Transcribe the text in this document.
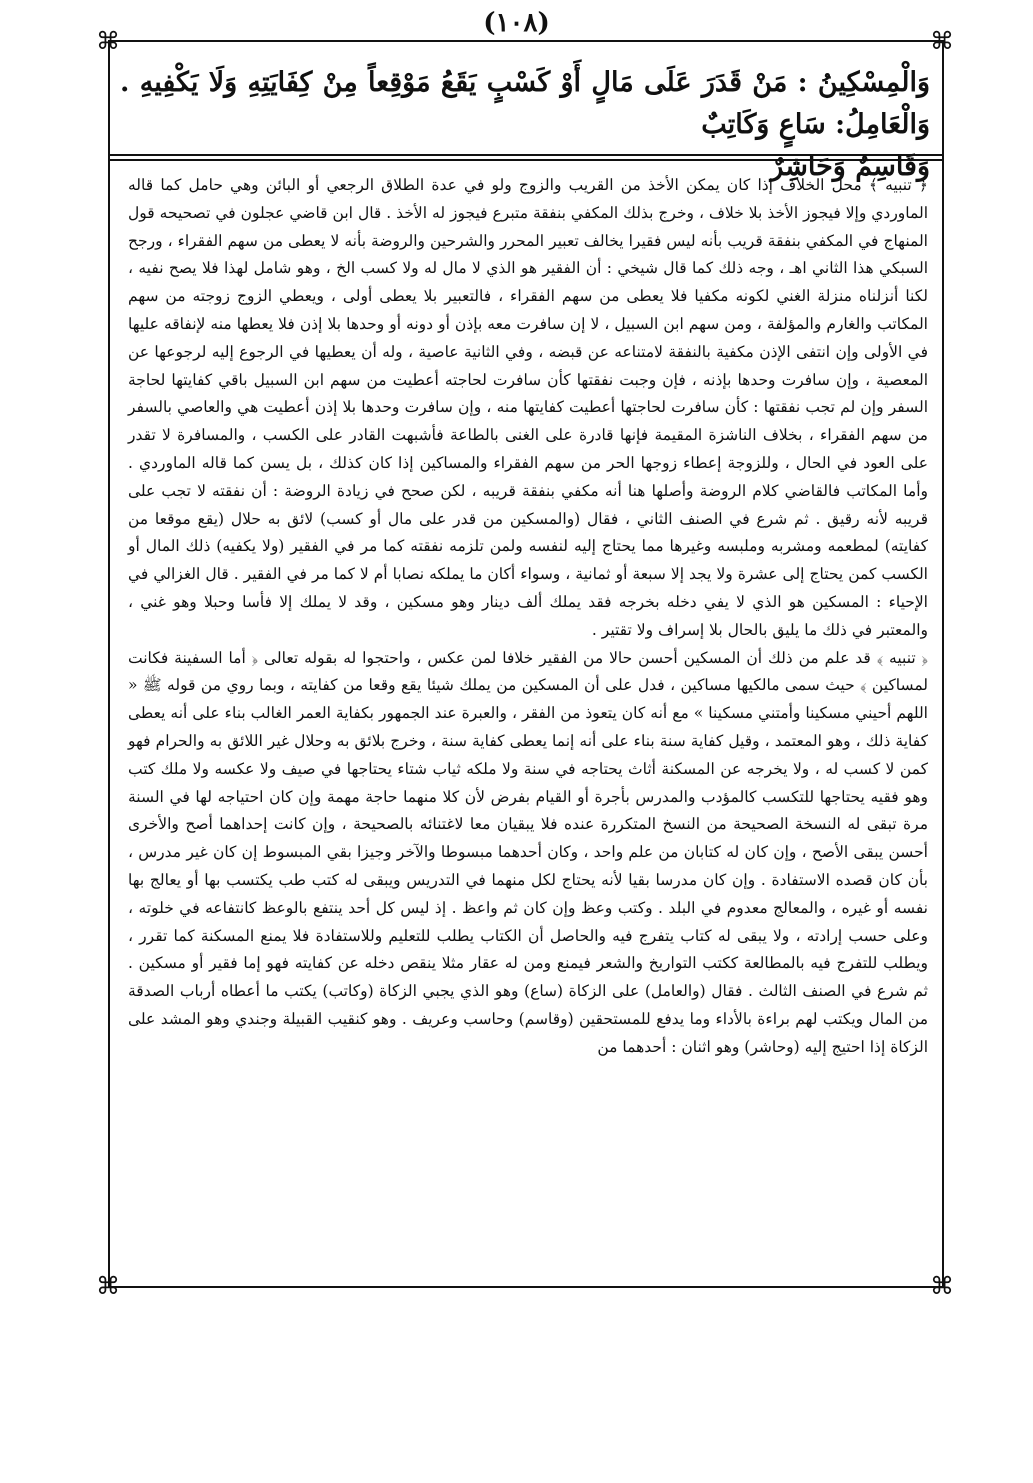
(١٠٨)
⌘	⌘
⌘	⌘
وَالْمِسْكِينُ : مَنْ قَدَرَ عَلَى مَالٍ أَوْ كَسْبٍ يَقَعُ مَوْقِعاً مِنْ كِفَايَتِهِ وَلَا يَكْفِيهِ . وَالْعَامِلُ: سَاعٍ وَكَاتِبٌ
وَقَاسِمٌ وَحَاشِرٌ

﴿ تنبيه ﴾ محل الخلاف إذا كان يمكن الأخذ من القريب والزوج ولو في عدة الطلاق الرجعي أو البائن وهي حامل كما قاله الماوردي وإلا فيجوز الأخذ بلا خلاف ، وخرج بذلك المكفي بنفقة متبرع فيجوز له الأخذ . قال ابن قاضي عجلون في تصحيحه قول المنهاج في المكفي بنفقة قريب بأنه ليس فقيرا يخالف تعبير المحرر والشرحين والروضة بأنه لا يعطى من سهم الفقراء ، ورجح السبكي هذا الثاني اهـ ، وجه ذلك كما قال شيخي : أن الفقير هو الذي لا مال له ولا كسب الخ ، وهو شامل لهذا فلا يصح نفيه ، لكنا أنزلناه منزلة الغني لكونه مكفيا فلا يعطى من سهم الفقراء ، فالتعبير بلا يعطى أولى ، ويعطي الزوج زوجته من سهم المكاتب والغارم والمؤلفة ، ومن سهم ابن السبيل ، لا إن سافرت معه بإذن أو دونه أو وحدها بلا إذن فلا يعطها منه لإنفاقه عليها في الأولى وإن انتفى الإذن مكفية بالنفقة لامتناعه عن قبضه ، وفي الثانية عاصية ، وله أن يعطيها في الرجوع إليه لرجوعها عن المعصية ، وإن سافرت وحدها بإذنه ، فإن وجبت نفقتها كأن سافرت لحاجته أعطيت من سهم ابن السبيل باقي كفايتها لحاجة السفر وإن لم تجب نفقتها : كأن سافرت لحاجتها أعطيت كفايتها منه ، وإن سافرت وحدها بلا إذن أعطيت هي والعاصي بالسفر من سهم الفقراء ، بخلاف الناشزة المقيمة فإنها قادرة على الغنى بالطاعة فأشبهت القادر على الكسب ، والمسافرة لا تقدر على العود في الحال ، وللزوجة إعطاء زوجها الحر من سهم الفقراء والمساكين إذا كان كذلك ، بل يسن كما قاله الماوردي . وأما المكاتب فالقاضي كلام الروضة وأصلها هنا أنه مكفي بنفقة قريبه ، لكن صحح في زيادة الروضة : أن نفقته لا تجب على قريبه لأنه رقيق . ثم شرع في الصنف الثاني ، فقال (والمسكين من قدر على مال أو كسب) لائق به حلال (يقع موقعا من كفايته) لمطعمه ومشربه وملبسه وغيرها مما يحتاج إليه لنفسه ولمن تلزمه نفقته كما مر في الفقير (ولا يكفيه) ذلك المال أو الكسب كمن يحتاج إلى عشرة ولا يجد إلا سبعة أو ثمانية ، وسواء أكان ما يملكه نصابا أم لا كما مر في الفقير . قال الغزالي في الإحياء : المسكين هو الذي لا يفي دخله بخرجه فقد يملك ألف دينار وهو مسكين ، وقد لا يملك إلا فأسا وحبلا وهو غني ، والمعتبر في ذلك ما يليق بالحال بلا إسراف ولا تقتير .

﴿ تنبيه ﴾ قد علم من ذلك أن المسكين أحسن حالا من الفقير خلافا لمن عكس ، واحتجوا له بقوله تعالى ﴿ أما السفينة فكانت لمساكين ﴾ حيث سمى مالكيها مساكين ، فدل على أن المسكين من يملك شيئا يقع وقعا من كفايته ، وبما روي من قوله ﷺ « اللهم أحيني مسكينا وأمتني مسكينا » مع أنه كان يتعوذ من الفقر ، والعبرة عند الجمهور بكفاية العمر الغالب بناء على أنه يعطى كفاية ذلك ، وهو المعتمد ، وقيل كفاية سنة بناء على أنه إنما يعطى كفاية سنة ، وخرج بلائق به وحلال غير اللائق به والحرام فهو كمن لا كسب له ، ولا يخرجه عن المسكنة أثاث يحتاجه في سنة ولا ملكه ثياب شتاء يحتاجها في صيف ولا عكسه ولا ملك كتب وهو فقيه يحتاجها للتكسب كالمؤدب والمدرس بأجرة أو القيام بفرض لأن كلا منهما حاجة مهمة وإن كان احتياجه لها في السنة مرة تبقى له النسخة الصحيحة من النسخ المتكررة عنده فلا يبقيان معا لاغتنائه بالصحيحة ، وإن كانت إحداهما أصح والأخرى أحسن يبقى الأصح ، وإن كان له كتابان من علم واحد ، وكان أحدهما مبسوطا والآخر وجيزا بقي المبسوط إن كان غير مدرس ، بأن كان قصده الاستفادة . وإن كان مدرسا بقيا لأنه يحتاج لكل منهما في التدريس ويبقى له كتب طب يكتسب بها أو يعالج بها نفسه أو غيره ، والمعالج معدوم في البلد . وكتب وعظ وإن كان ثم واعظ . إذ ليس كل أحد ينتفع بالوعظ كانتفاعه في خلوته ، وعلى حسب إرادته ، ولا يبقى له كتاب يتفرج فيه والحاصل أن الكتاب يطلب للتعليم وللاستفادة فلا يمنع المسكنة كما تقرر ، ويطلب للتفرج فيه بالمطالعة ككتب التواريخ والشعر فيمنع ومن له عقار مثلا ينقص دخله عن كفايته فهو إما فقير أو مسكين . ثم شرع في الصنف الثالث . فقال (والعامل) على الزكاة (ساع) وهو الذي يجبي الزكاة (وكاتب) يكتب ما أعطاه أرباب الصدقة من المال ويكتب لهم براءة بالأداء وما يدفع للمستحقين (وقاسم) وحاسب وعريف . وهو كنقيب القبيلة وجندي وهو المشد على الزكاة إذا احتيج إليه (وحاشر) وهو اثنان : أحدهما من
